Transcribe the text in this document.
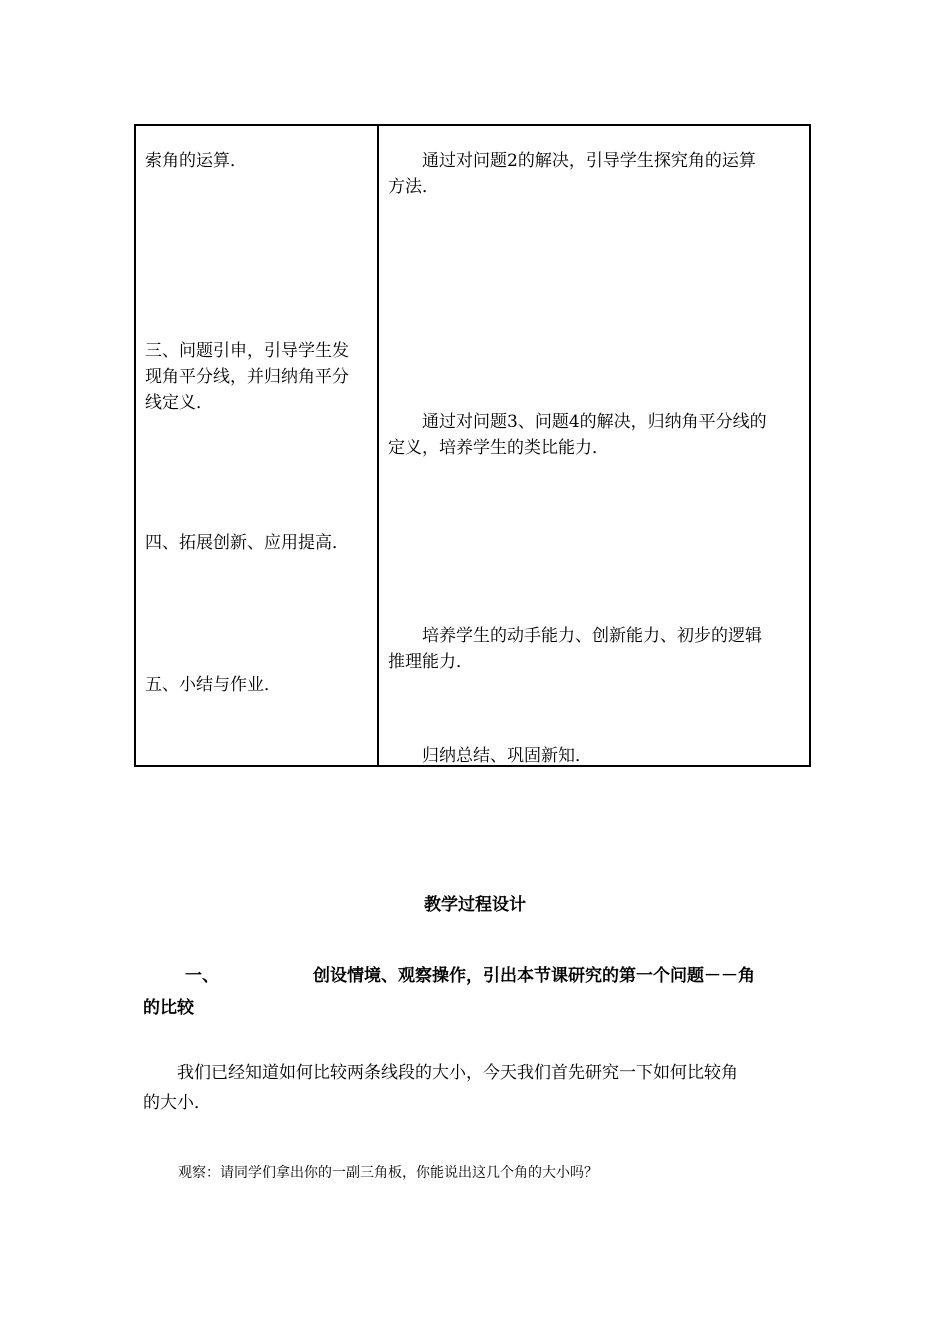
索角的运算．
三、问题引申，引导学生发
现角平分线，并归纳角平分
线定义．
四、拓展创新、应用提高．
五、小结与作业．
　　通过对问题2的解决，引导学生探究角的运算
方法．
　　通过对问题3、问题4的解决，归纳角平分线的
定义，培养学生的类比能力．
　　培养学生的动手能力、创新能力、初步的逻辑
推理能力．
　　归纳总结、巩固新知．
教学过程设计
一、	创设情境、观察操作，引出本节课研究的第一个问题－－角
的比较
　　我们已经知道如何比较两条线段的大小，今天我们首先研究一下如何比较角
的大小．
观察：请同学们拿出你的一副三角板，你能说出这几个角的大小吗？
